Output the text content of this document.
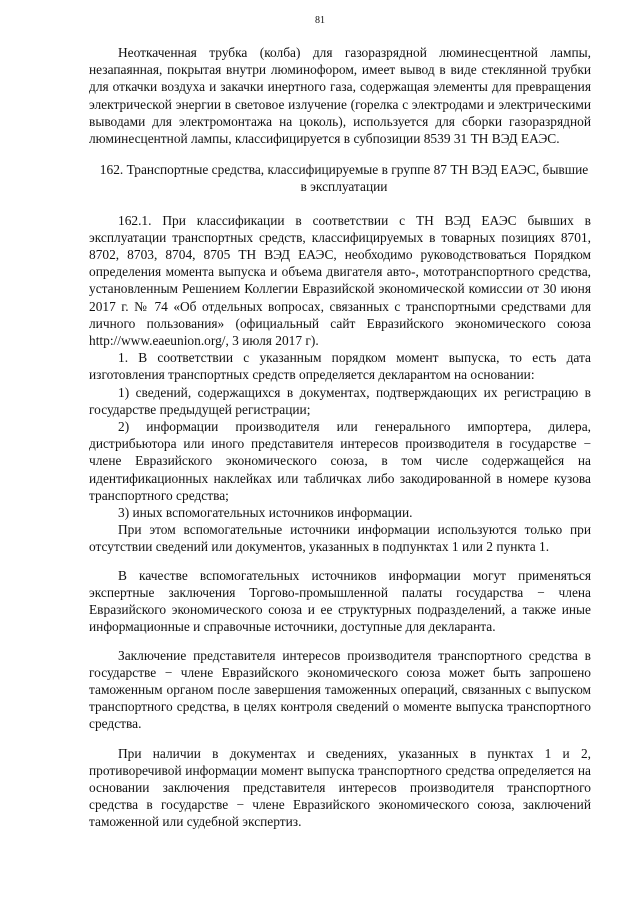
81

Неоткаченная трубка (колба) для газоразрядной люминесцентной лампы, незапаянная, покрытая внутри люминофором, имеет вывод в виде стеклянной трубки для откачки воздуха и закачки инертного газа, содержащая элементы для превращения электрической энергии в световое излучение (горелка с электродами и электрическими выводами для электромонтажа на цоколь), используется для сборки газоразрядной люминесцентной лампы, классифицируется в субпозиции 8539 31 ТН ВЭД ЕАЭС.

162. Транспортные средства, классифицируемые в группе 87 ТН ВЭД ЕАЭС, бывшие в эксплуатации

162.1. При классификации в соответствии с ТН ВЭД ЕАЭС бывших в эксплуатации транспортных средств, классифицируемых в товарных позициях 8701, 8702, 8703, 8704, 8705 ТН ВЭД ЕАЭС, необходимо руководствоваться Порядком определения момента выпуска и объема двигателя авто-, мототранспортного средства, установленным Решением Коллегии Евразийской экономической комиссии от 30 июня 2017 г. № 74 «Об отдельных вопросах, связанных с транспортными средствами для личного пользования» (официальный сайт Евразийского экономического союза http://www.eaeunion.org/, 3 июля 2017 г).

1. В соответствии с указанным порядком момент выпуска, то есть дата изготовления транспортных средств определяется декларантом на основании:

1) сведений, содержащихся в документах, подтверждающих их регистрацию в государстве предыдущей регистрации;

2) информации производителя или генерального импортера, дилера, дистрибьютора или иного представителя интересов производителя в государстве − члене Евразийского экономического союза, в том числе содержащейся на идентификационных наклейках или табличках либо закодированной в номере кузова транспортного средства;

3) иных вспомогательных источников информации.

При этом вспомогательные источники информации используются только при отсутствии сведений или документов, указанных в подпунктах 1 или 2 пункта 1.

В качестве вспомогательных источников информации могут применяться экспертные заключения Торгово-промышленной палаты государства − члена Евразийского экономического союза и ее структурных подразделений, а также иные информационные и справочные источники, доступные для декларанта.

Заключение представителя интересов производителя транспортного средства в государстве − члене Евразийского экономического союза может быть запрошено таможенным органом после завершения таможенных операций, связанных с выпуском транспортного средства, в целях контроля сведений о моменте выпуска транспортного средства.

При наличии в документах и сведениях, указанных в пунктах 1 и 2, противоречивой информации момент выпуска транспортного средства определяется на основании заключения представителя интересов производителя транспортного средства в государстве − члене Евразийского экономического союза, заключений таможенной или судебной экспертиз.
